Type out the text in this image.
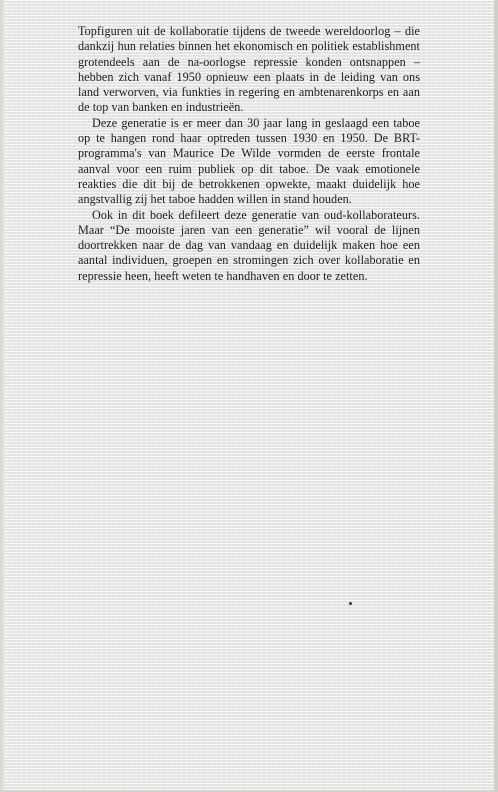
Topfiguren uit de kollaboratie tijdens de tweede wereldoorlog – die dankzij hun relaties binnen het ekonomisch en politiek establishment grotendeels aan de na-oorlogse repressie konden ontsnappen – hebben zich vanaf 1950 opnieuw een plaats in de leiding van ons land verworven, via funkties in regering en ambtenarenkorps en aan de top van banken en industrieën.

Deze generatie is er meer dan 30 jaar lang in geslaagd een taboe op te hangen rond haar optreden tussen 1930 en 1950. De BRT-programma's van Maurice De Wilde vormden de eerste frontale aanval voor een ruim publiek op dit taboe. De vaak emotionele reakties die dit bij de betrokkenen opwekte, maakt duidelijk hoe angstvallig zij het taboe hadden willen in stand houden.

Ook in dit boek defileert deze generatie van oud-kollaborateurs. Maar “De mooiste jaren van een generatie” wil vooral de lijnen doortrekken naar de dag van vandaag en duidelijk maken hoe een aantal individuen, groepen en stromingen zich over kollaboratie en repressie heen, heeft weten te handhaven en door te zetten.
